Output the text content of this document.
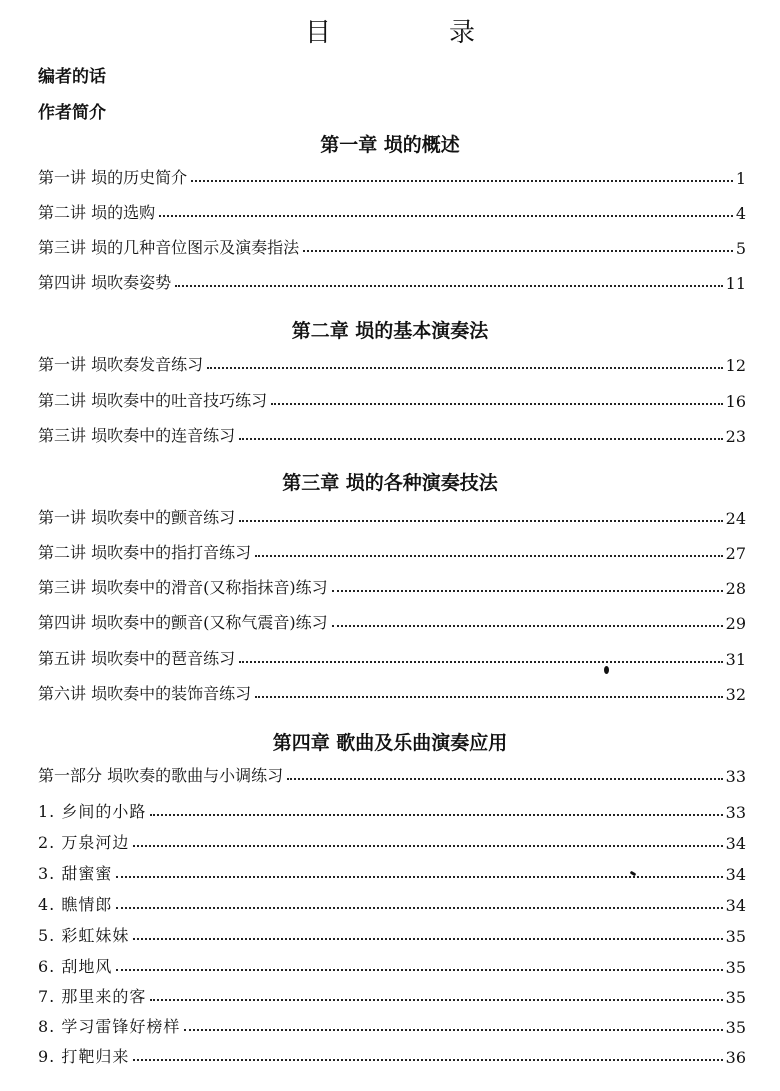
目　录
编者的话
作者简介
第一章 埙的概述
第一讲 埙的历史简介	1
第二讲 埙的选购	4
第三讲 埙的几种音位图示及演奏指法	5
第四讲 埙吹奏姿势	11
第二章 埙的基本演奏法
第一讲 埙吹奏发音练习	12
第二讲 埙吹奏中的吐音技巧练习	16
第三讲 埙吹奏中的连音练习	23
第三章 埙的各种演奏技法
第一讲 埙吹奏中的颤音练习	24
第二讲 埙吹奏中的指打音练习	27
第三讲 埙吹奏中的滑音(又称指抹音)练习	28
第四讲 埙吹奏中的颤音(又称气震音)练习	29
第五讲 埙吹奏中的琶音练习	31
第六讲 埙吹奏中的装饰音练习	32
第四章 歌曲及乐曲演奏应用
第一部分 埙吹奏的歌曲与小调练习	33
1. 乡间的小路	33
2. 万泉河边	34
3. 甜蜜蜜	34
4. 瞧情郎	34
5. 彩虹妹妹	35
6. 刮地风	35
7. 那里来的客	35
8. 学习雷锋好榜样	35
9. 打靶归来	36
